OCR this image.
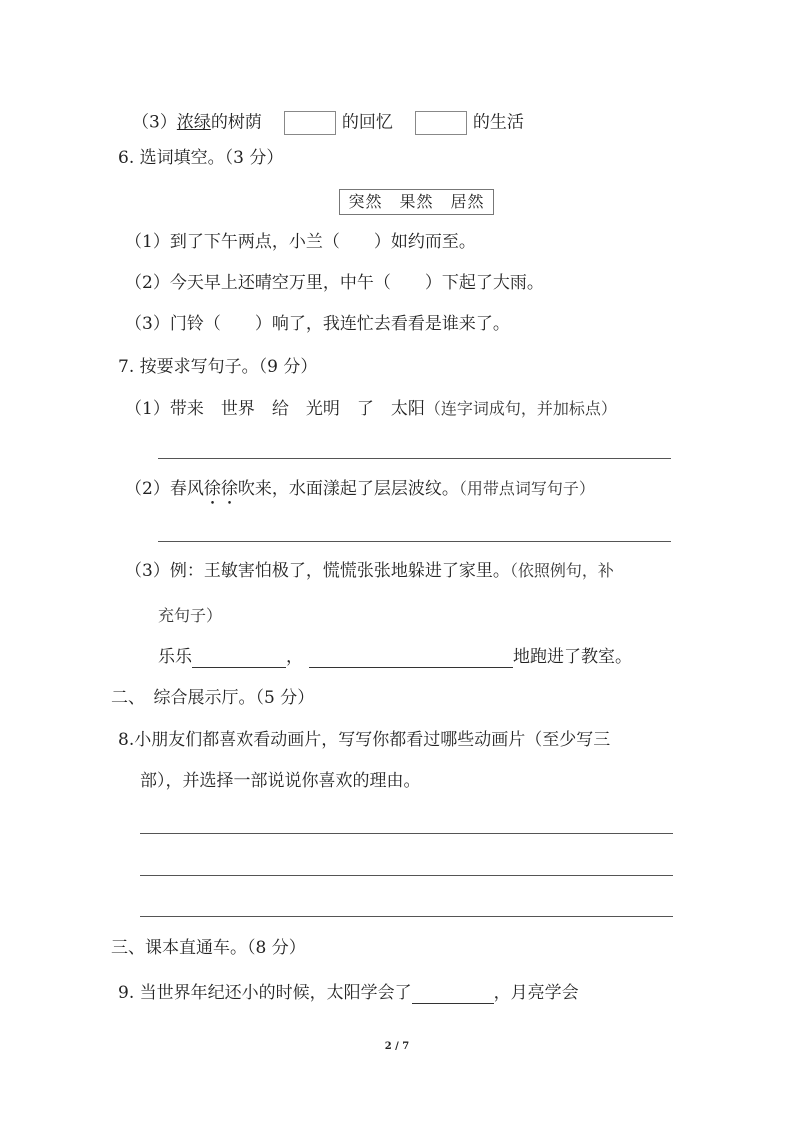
（3）浓绿的树荫	的回忆	的生活
6. 选词填空。（3 分）
突然　果然　居然
（1）到了下午两点，小兰（　　）如约而至。
（2）今天早上还晴空万里，中午（　　）下起了大雨。
（3）门铃（　　）响了，我连忙去看看是谁来了。
7. 按要求写句子。（9 分）
（1）带来　世界　给　光明　了　太阳（连字词成句，并加标点）
（2）春风徐徐吹来，水面漾起了层层波纹。（用带点词写句子）
（3）例：王敏害怕极了，慌慌张张地躲进了家里。（依照例句，补
充句子）
乐乐	，	地跑进了教室。
二、　综合展示厅。（5 分）
8.小朋友们都喜欢看动画片，写写你都看过哪些动画片（至少写三
部），并选择一部说说你喜欢的理由。
三、课本直通车。（8 分）
9. 当世界年纪还小的时候，太阳学会了	，月亮学会
2 / 7
